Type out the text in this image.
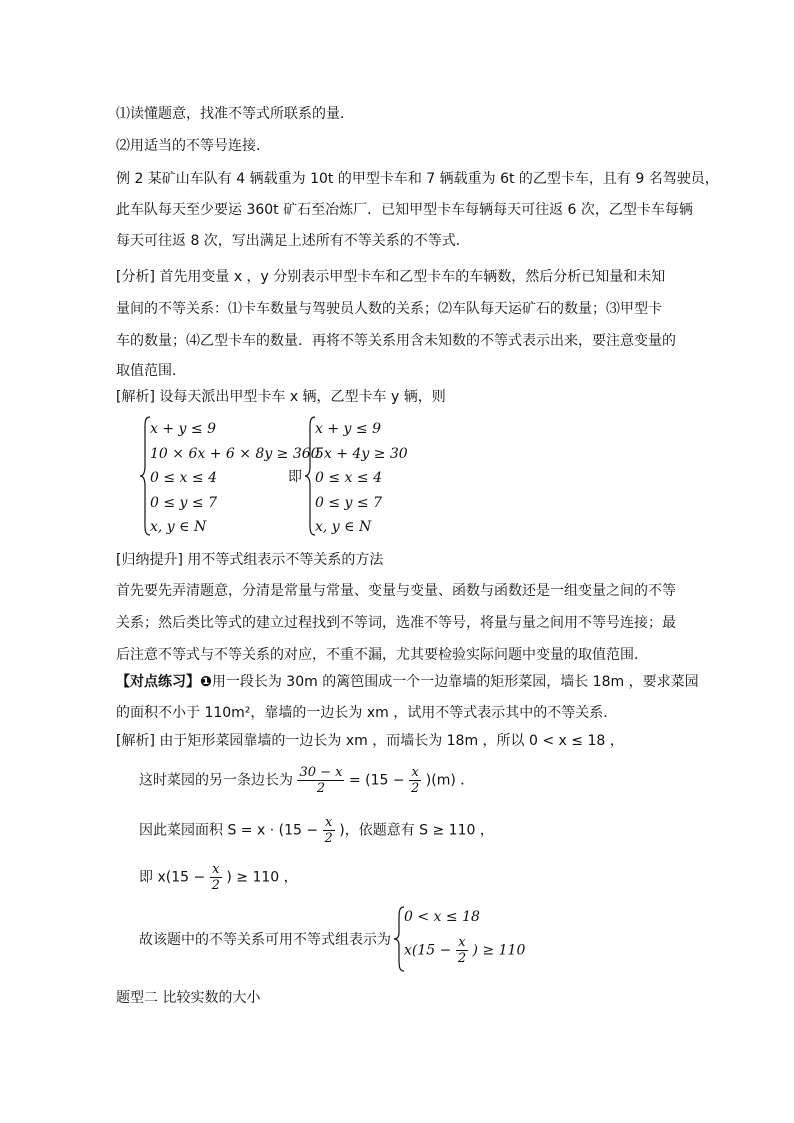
⑴读懂题意，找准不等式所联系的量．
⑵用适当的不等号连接．
例 2 某矿山车队有 4 辆载重为 10t 的甲型卡车和 7 辆载重为 6t 的乙型卡车，且有 9 名驾驶员，
此车队每天至少要运 360t 矿石至冶炼厂．已知甲型卡车每辆每天可往返 6 次，乙型卡车每辆
每天可往返 8 次，写出满足上述所有不等关系的不等式．
[分析] 首先用变量 x ，y 分别表示甲型卡车和乙型卡车的车辆数，然后分析已知量和未知
量间的不等关系：⑴卡车数量与驾驶员人数的关系；⑵车队每天运矿石的数量；⑶甲型卡
车的数量；⑷乙型卡车的数量．再将不等关系用含未知数的不等式表示出来，要注意变量的
取值范围．
[解析] 设每天派出甲型卡车 x 辆，乙型卡车 y 辆，则
x + y ≤ 9
10 × 6x + 6 × 8y ≥ 360
0 ≤ x ≤ 4
0 ≤ y ≤ 7
x, y ∈ N
即
x + y ≤ 9
5x + 4y ≥ 30
0 ≤ x ≤ 4
0 ≤ y ≤ 7
x, y ∈ N
[归纳提升] 用不等式组表示不等关系的方法
首先要先弄清题意，分清是常量与常量、变量与变量、函数与函数还是一组变量之间的不等
关系；然后类比等式的建立过程找到不等词，选准不等号，将量与量之间用不等号连接；最
后注意不等式与不等关系的对应，不重不漏，尤其要检验实际问题中变量的取值范围．
【对点练习】❶用一段长为 30m 的篱笆围成一个一边靠墙的矩形菜园，墙长 18m ，要求菜园
的面积不小于 110m²，靠墙的一边长为 xm ，试用不等式表示其中的不等关系．
[解析] 由于矩形菜园靠墙的一边长为 xm ，而墙长为 18m ，所以 0 < x ≤ 18 ，
这时菜园的另一条边长为 $\frac{30 - x}{2} = (15 - \frac{x}{2} )(m)$ ．
因此菜园面积 $S = x \cdot (15 - \frac{x}{2}$ )，依题意有 S ≥ 110 ，
即 $x(15 - \frac{x}{2}$ ) ≥ 110 ，
故该题中的不等关系可用不等式组表示为
0 < x ≤ 18
$x(15 - \frac{x}{2}$ ) ≥ 110
题型二 比较实数的大小
